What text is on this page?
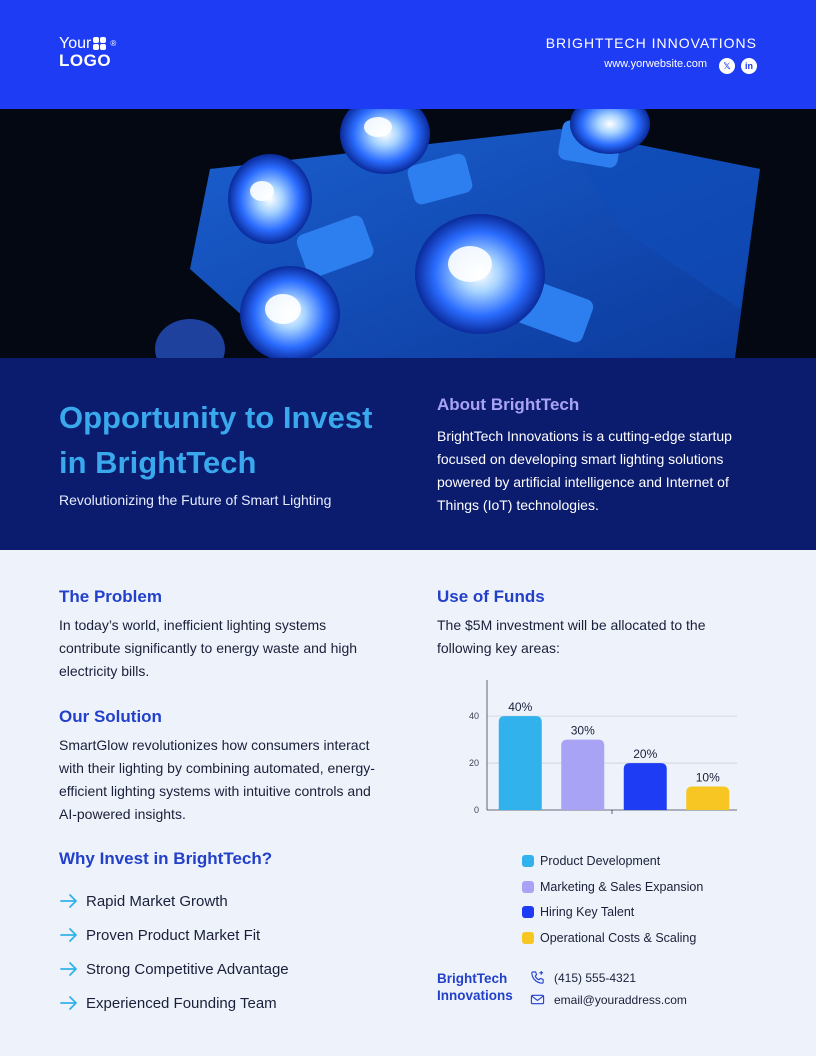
Your ®
LOGO
BRIGHTTECH INNOVATIONS
www.yorwebsite.com	𝕏	in
Opportunity to Invest in BrightTech

Revolutionizing the Future of Smart Lighting

About BrightTech

BrightTech Innovations is a cutting-edge startup focused on developing smart lighting solutions powered by artificial intelligence and Internet of Things (IoT) technologies.

The Problem

In today’s world, inefficient lighting systems contribute significantly to energy waste and high electricity bills.

Our Solution

SmartGlow revolutionizes how consumers interact with their lighting by combining automated, energy-efficient lighting systems with intuitive controls and AI-powered insights.

Why Invest in BrightTech?
Rapid Market Growth
Proven Product Market Fit
Strong Competitive Advantage
Experienced Founding Team
Use of Funds

The $5M investment will be allocated to the following key areas:

0
20
40
40%
30%
20%
10%
Product Development
Marketing & Sales Expansion
Hiring Key Talent
Operational Costs & Scaling
BrightTech Innovations
(415) 555-4321
email@youraddress.com
